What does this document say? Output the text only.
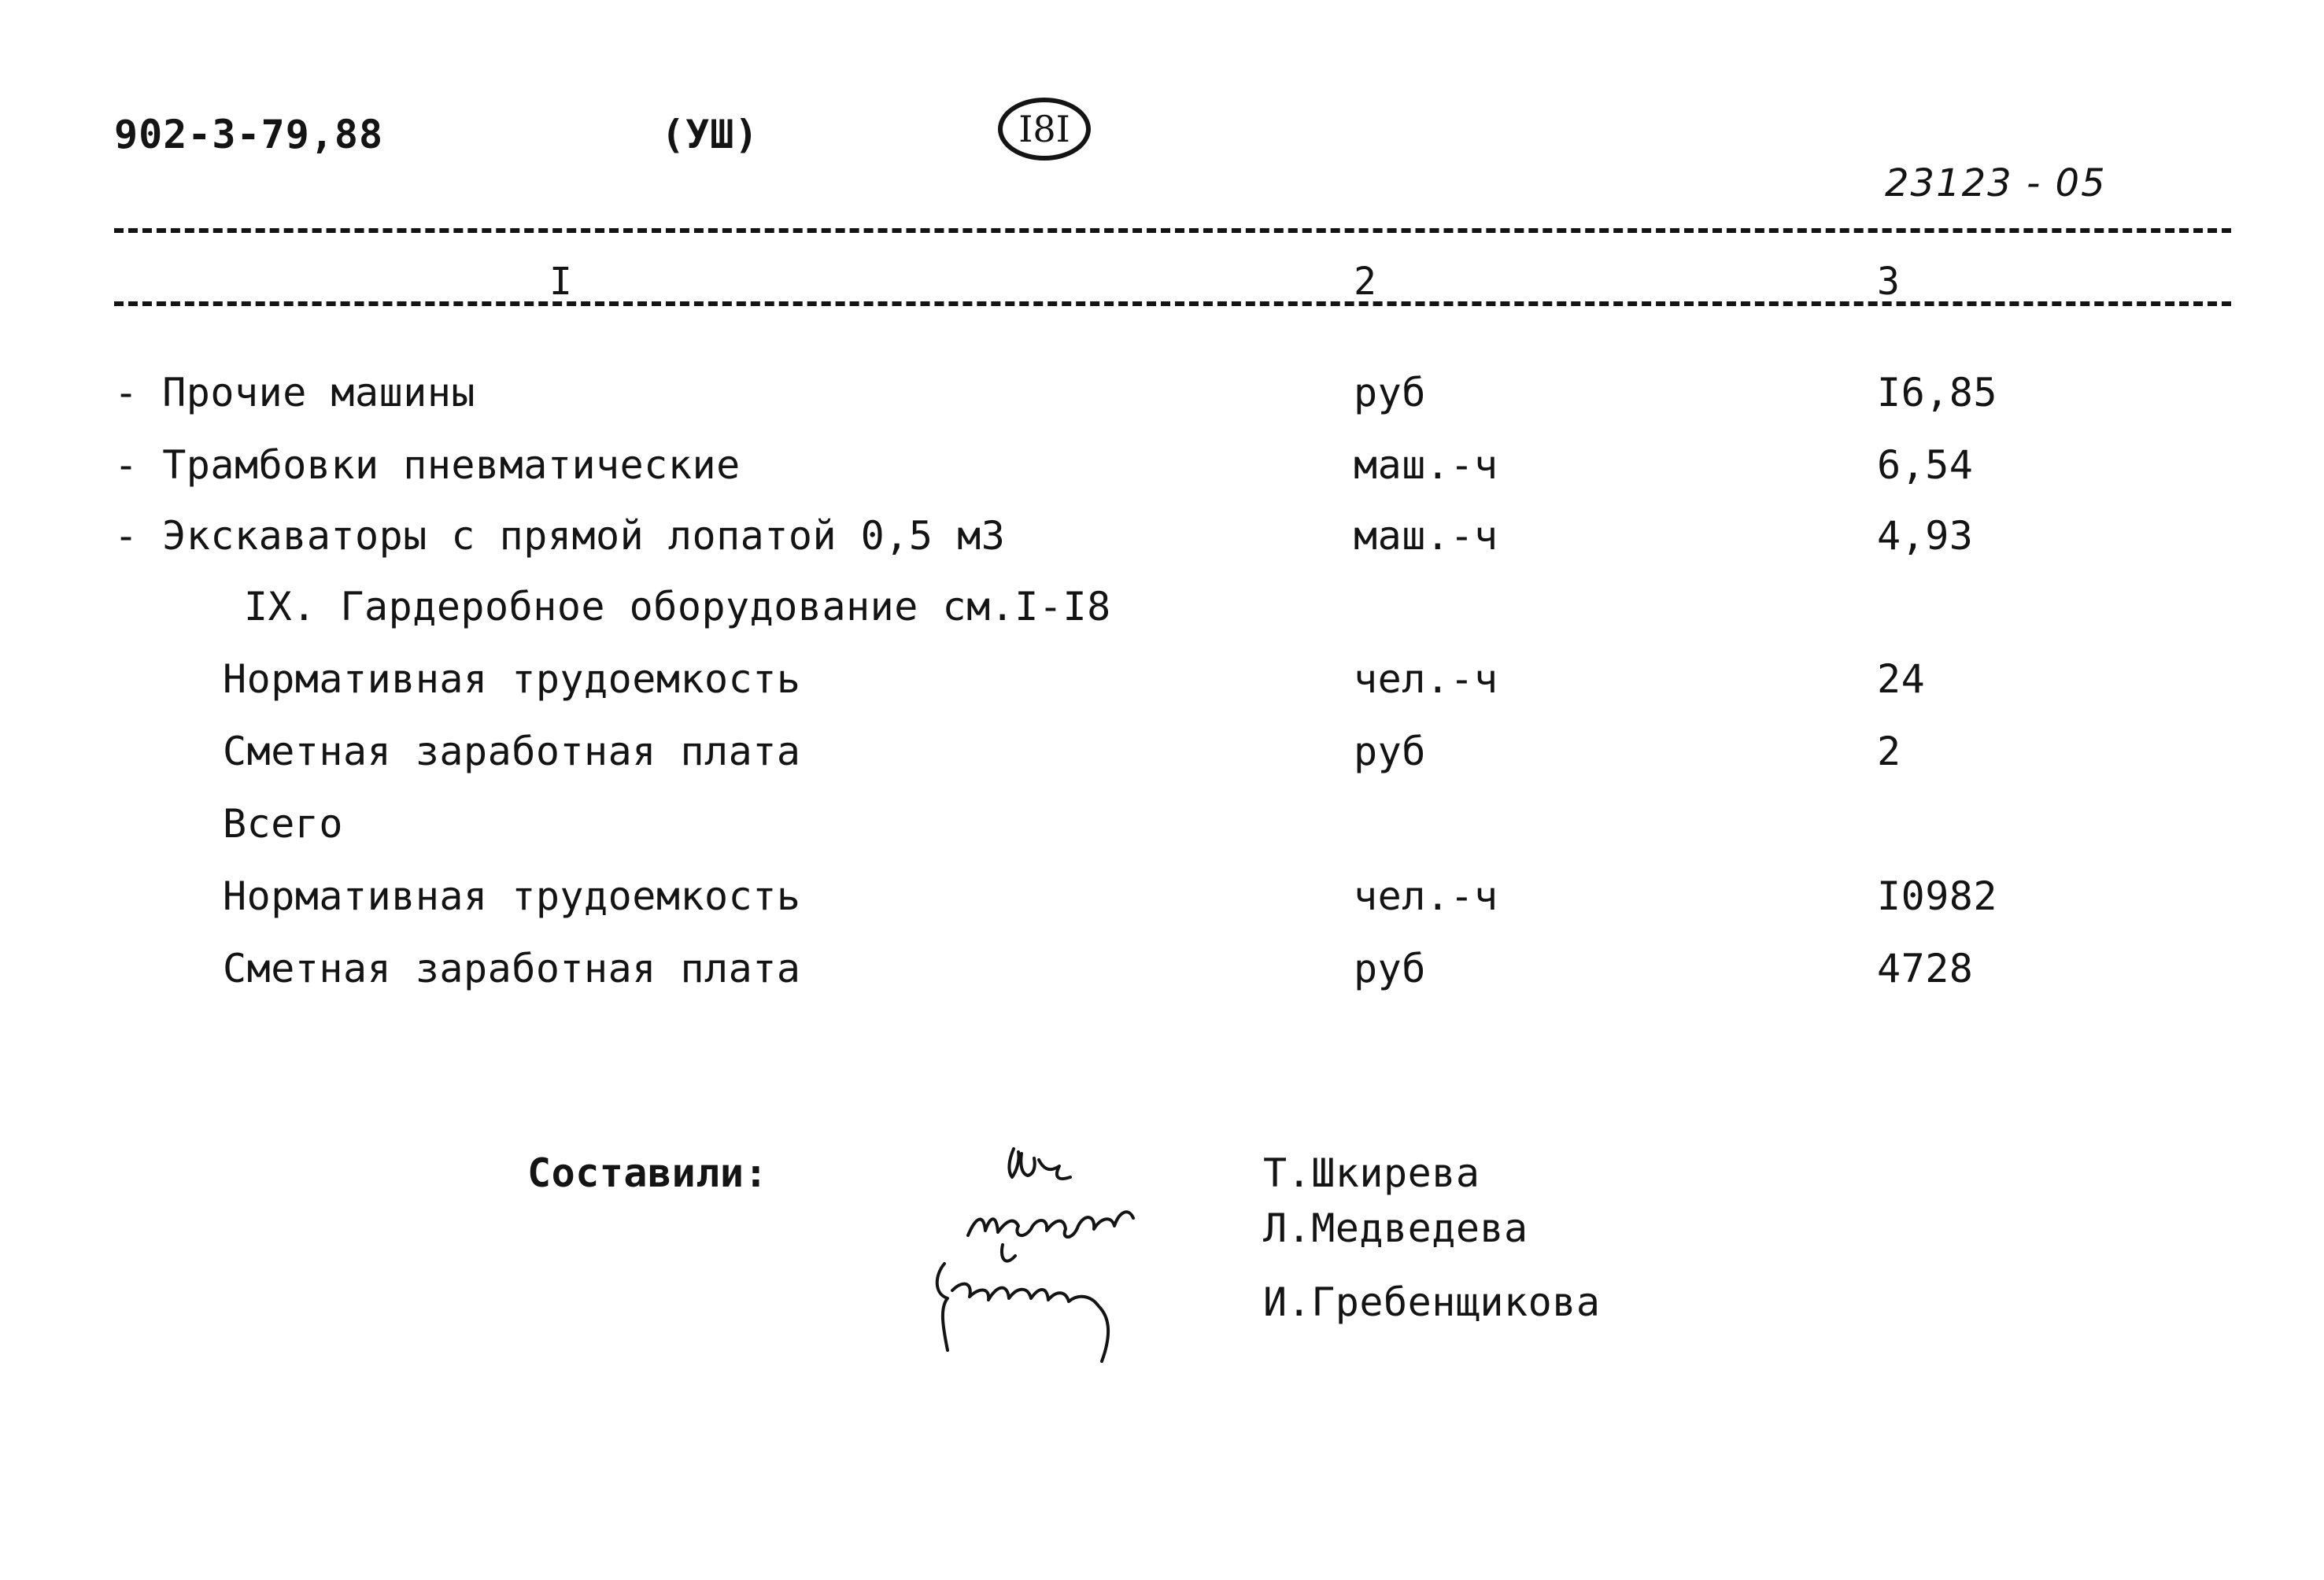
902-3-79,88	(УШ)	I8I
23123 - 05
I	2	3
- Прочие машины	руб	I6,85
- Трамбовки пневматические	маш.-ч	6,54
- Экскаваторы с прямой лопатой 0,5 м3	маш.-ч	4,93
IX. Гардеробное оборудование см.I-I8
Нормативная трудоемкость	чел.-ч	24
Сметная заработная плата	руб	2
Всего
Нормативная трудоемкость	чел.-ч	I0982
Сметная заработная плата	руб	4728
Составили:	Т.Шкирева
Л.Медведева
И.Гребенщикова
